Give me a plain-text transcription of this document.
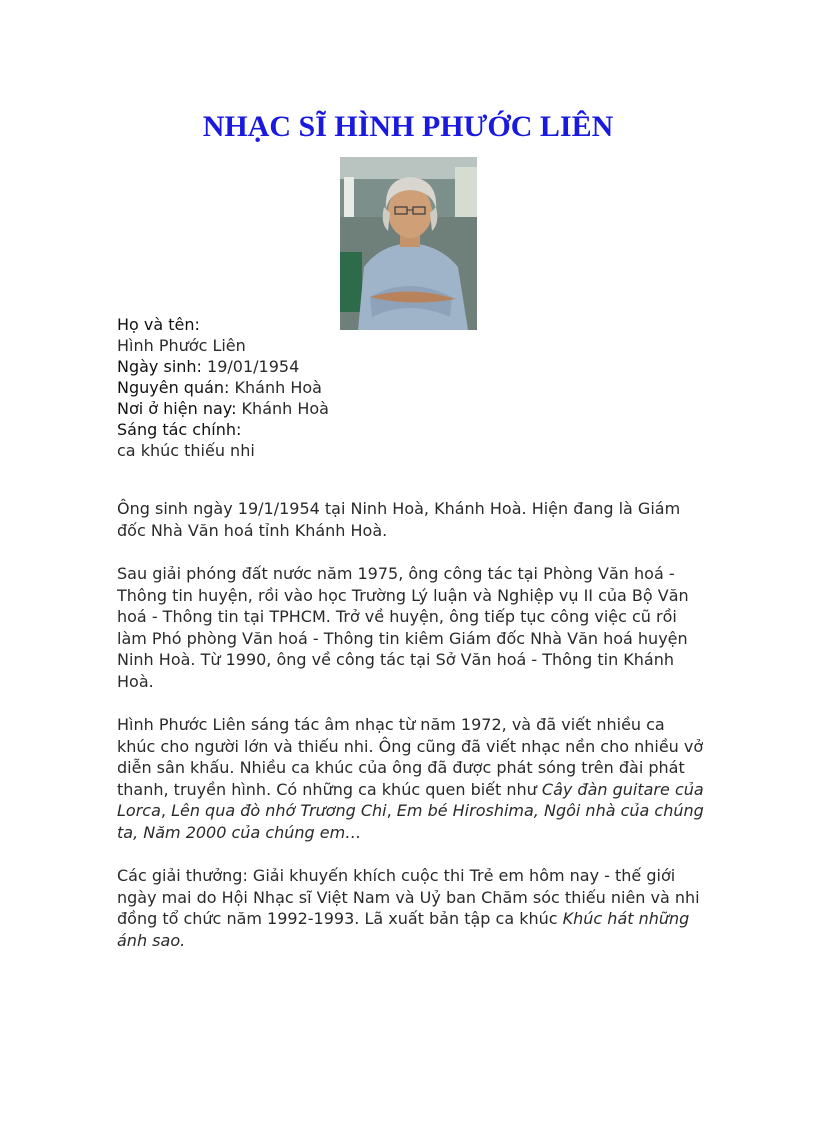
NHẠC SĨ HÌNH PHƯỚC LIÊN
Họ và tên:
Hình Phước Liên
Ngày sinh: 19/01/1954
Nguyên quán: Khánh Hoà
Nơi ở hiện nay: Khánh Hoà
Sáng tác chính:
ca khúc thiếu nhi

Ông sinh ngày 19/1/1954 tại Ninh Hoà, Khánh Hoà. Hiện đang là Giám đốc Nhà Văn hoá tỉnh Khánh Hoà.

Sau giải phóng đất nước năm 1975, ông công tác tại Phòng Văn hoá - Thông tin huyện, rồi vào học Trường Lý luận và Nghiệp vụ II của Bộ Văn hoá - Thông tin tại TPHCM. Trở về huyện, ông tiếp tục công việc cũ rồi làm Phó phòng Văn hoá - Thông tin kiêm Giám đốc Nhà Văn hoá huyện Ninh Hoà. Từ 1990, ông về công tác tại Sở Văn hoá - Thông tin Khánh Hoà.

Hình Phước Liên sáng tác âm nhạc từ năm 1972, và đã viết nhiều ca khúc cho người lớn và thiếu nhi. Ông cũng đã viết nhạc nền cho nhiều vở diễn sân khấu. Nhiều ca khúc của ông đã được phát sóng trên đài phát thanh, truyền hình. Có những ca khúc quen biết như Cây đàn guitare của Lorca, Lên qua đò nhớ Trương Chi, Em bé Hiroshima, Ngôi nhà của chúng ta, Năm 2000 của chúng em…

Các giải thưởng: Giải khuyến khích cuộc thi Trẻ em hôm nay - thế giới ngày mai do Hội Nhạc sĩ Việt Nam và Uỷ ban Chăm sóc thiếu niên và nhi đồng tổ chức năm 1992-1993. Lã xuất bản tập ca khúc Khúc hát những ánh sao.
